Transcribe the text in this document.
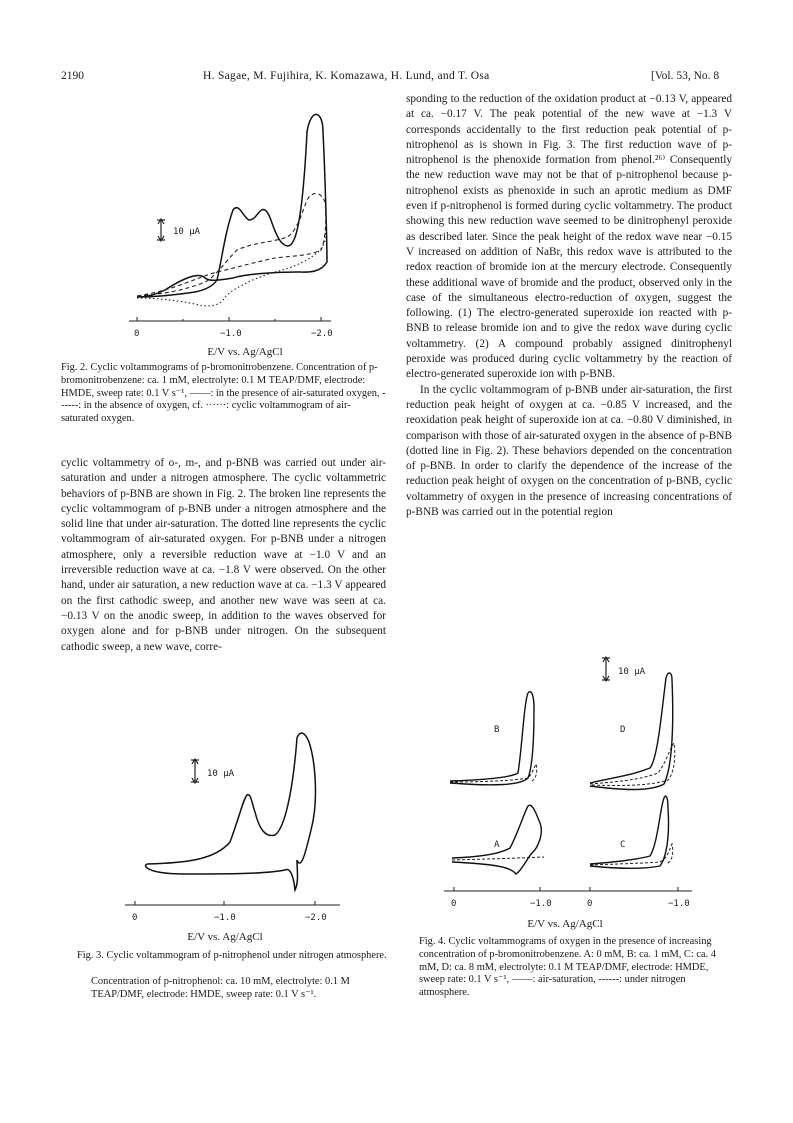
2190	H. Sagae, M. Fujihira, K. Komazawa, H. Lund, and T. Osa	[Vol. 53, No. 8
10 μA
0	−1.0	−2.0
E/V vs. Ag/AgCl
Fig. 2. Cyclic voltammograms of p-bromonitrobenzene. Concentration of p-bromonitrobenzene: ca. 1 mM, electrolyte: 0.1 M TEAP/DMF, electrode: HMDE, sweep rate: 0.1 V s⁻¹, ——: in the presence of air-saturated oxygen, ------: in the absence of oxygen, cf. ······: cyclic voltammogram of air-saturated oxygen.

cyclic voltammetry of o-, m-, and p-BNB was carried out under air-saturation and under a nitrogen atmosphere. The cyclic voltammetric behaviors of p-BNB are shown in Fig. 2. The broken line represents the cyclic voltammogram of p-BNB under a nitrogen atmosphere and the solid line that under air-saturation. The dotted line represents the cyclic voltammogram of air-saturated oxygen. For p-BNB under a nitrogen atmosphere, only a reversible reduction wave at −1.0 V and an irreversible reduction wave at ca. −1.8 V were observed. On the other hand, under air saturation, a new reduction wave at ca. −1.3 V appeared on the first cathodic sweep, and another new wave was seen at ca. −0.13 V on the anodic sweep, in addition to the waves observed for oxygen alone and for p-BNB under nitrogen. On the subsequent cathodic sweep, a new wave, corre-

sponding to the reduction of the oxidation product at −0.13 V, appeared at ca. −0.17 V. The peak potential of the new wave at −1.3 V corresponds accidentally to the first reduction peak potential of p-nitrophenol as is shown in Fig. 3. The first reduction wave of p-nitrophenol is the phenoxide formation from phenol.²⁶⁾ Consequently the new reduction wave may not be that of p-nitrophenol because p-nitrophenol exists as phenoxide in such an aprotic medium as DMF even if p-nitrophenol is formed during cyclic voltammetry. The product showing this new reduction wave seemed to be dinitrophenyl peroxide as described later. Since the peak height of the redox wave near −0.15 V increased on addition of NaBr, this redox wave is attributed to the redox reaction of bromide ion at the mercury electrode. Consequently these additional wave of bromide and the product, observed only in the case of the simultaneous electro-reduction of oxygen, suggest the following. (1) The electro-generated superoxide ion reacted with p-BNB to release bromide ion and to give the redox wave during cyclic voltammetry. (2) A compound probably assigned dinitrophenyl peroxide was produced during cyclic voltammetry by the reaction of electro-generated superoxide ion with p-BNB.

In the cyclic voltammogram of p-BNB under air-saturation, the first reduction peak height of oxygen at ca. −0.85 V increased, and the reoxidation peak height of superoxide ion at ca. −0.80 V diminished, in comparison with those of air-saturated oxygen in the absence of p-BNB (dotted line in Fig. 2). These behaviors depended on the concentration of p-BNB. In order to clarify the dependence of the increase of the reduction peak height of oxygen on the concentration of p-BNB, cyclic voltammetry of oxygen in the presence of increasing concentrations of p-BNB was carried out in the potential region

10 μA
0	−1.0	−2.0
E/V vs. Ag/AgCl
Fig. 3. Cyclic voltammogram of p-nitrophenol under nitrogen atmosphere.
Concentration of p-nitrophenol: ca. 10 mM, electrolyte: 0.1 M TEAP/DMF, electrode: HMDE, sweep rate: 0.1 V s⁻¹.
10 μA
B	D
A	C
0	−1.0	0	−1.0
E/V vs. Ag/AgCl
Fig. 4. Cyclic voltammograms of oxygen in the presence of increasing concentration of p-bromonitrobenzene. A: 0 mM, B: ca. 1 mM, C: ca. 4 mM, D: ca. 8 mM, electrolyte: 0.1 M TEAP/DMF, electrode: HMDE, sweep rate: 0.1 V s⁻¹, ——: air-saturation, ------: under nitrogen atmosphere.
